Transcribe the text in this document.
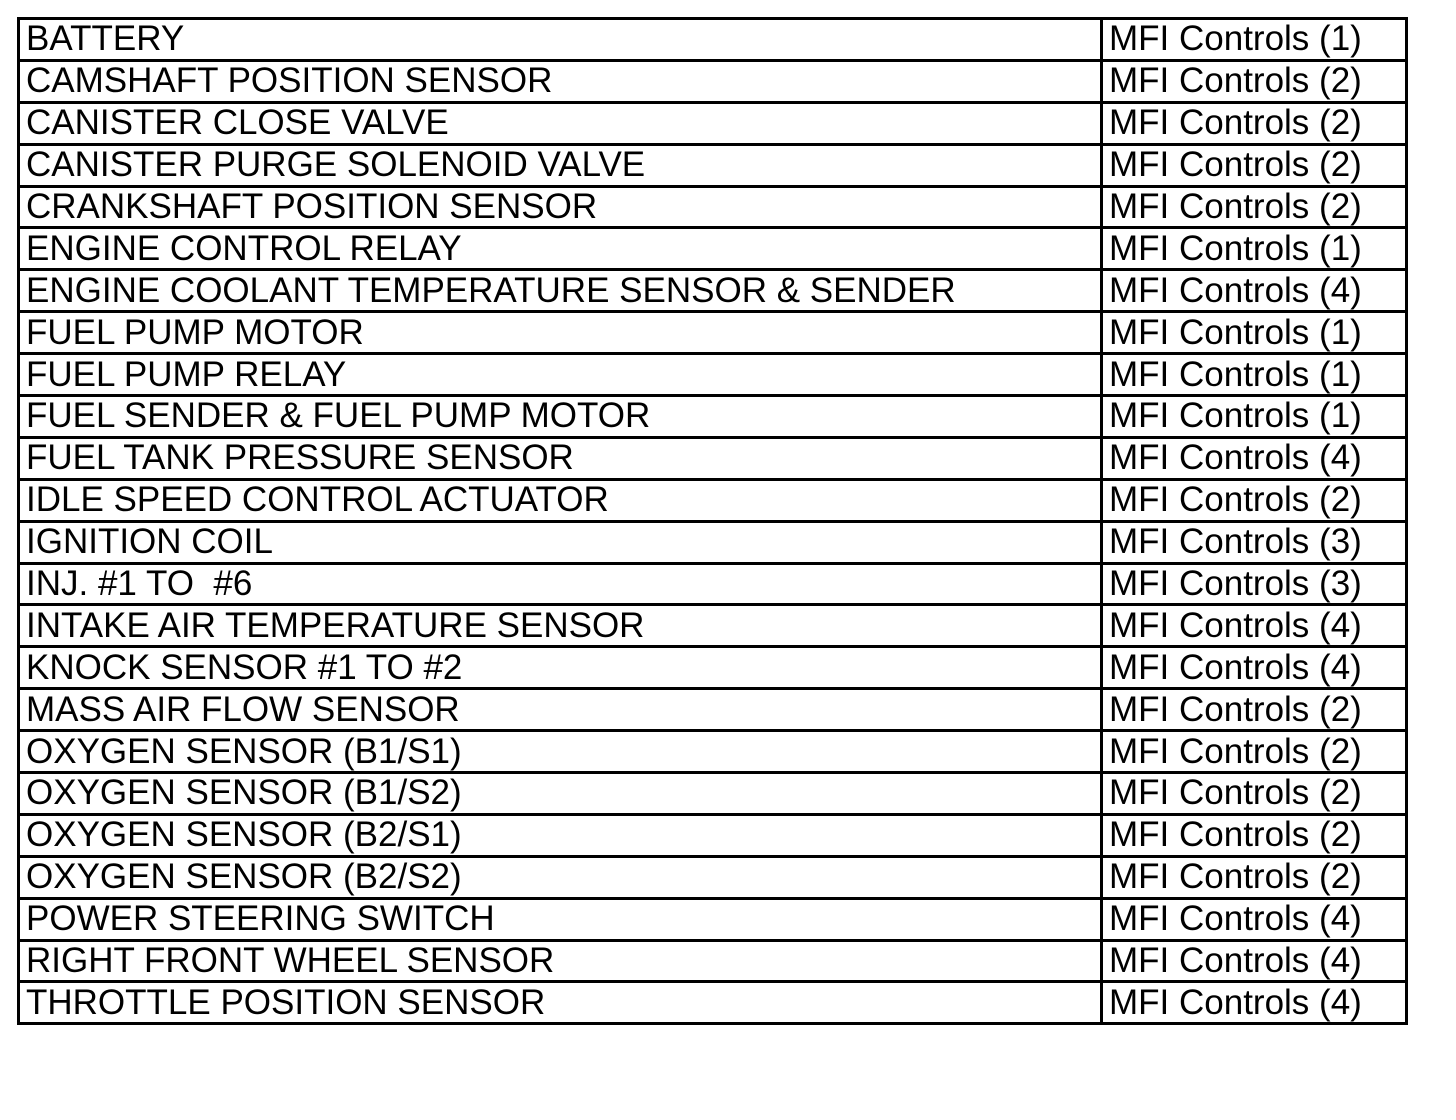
BATTERY	MFI Controls (1)
CAMSHAFT POSITION SENSOR	MFI Controls (2)
CANISTER CLOSE VALVE	MFI Controls (2)
CANISTER PURGE SOLENOID VALVE	MFI Controls (2)
CRANKSHAFT POSITION SENSOR	MFI Controls (2)
ENGINE CONTROL RELAY	MFI Controls (1)
ENGINE COOLANT TEMPERATURE SENSOR & SENDER	MFI Controls (4)
FUEL PUMP MOTOR	MFI Controls (1)
FUEL PUMP RELAY	MFI Controls (1)
FUEL SENDER & FUEL PUMP MOTOR	MFI Controls (1)
FUEL TANK PRESSURE SENSOR	MFI Controls (4)
IDLE SPEED CONTROL ACTUATOR	MFI Controls (2)
IGNITION COIL	MFI Controls (3)
INJ. #1 TO  #6	MFI Controls (3)
INTAKE AIR TEMPERATURE SENSOR	MFI Controls (4)
KNOCK SENSOR #1 TO #2	MFI Controls (4)
MASS AIR FLOW SENSOR	MFI Controls (2)
OXYGEN SENSOR (B1/S1)	MFI Controls (2)
OXYGEN SENSOR (B1/S2)	MFI Controls (2)
OXYGEN SENSOR (B2/S1)	MFI Controls (2)
OXYGEN SENSOR (B2/S2)	MFI Controls (2)
POWER STEERING SWITCH	MFI Controls (4)
RIGHT FRONT WHEEL SENSOR	MFI Controls (4)
THROTTLE POSITION SENSOR	MFI Controls (4)
